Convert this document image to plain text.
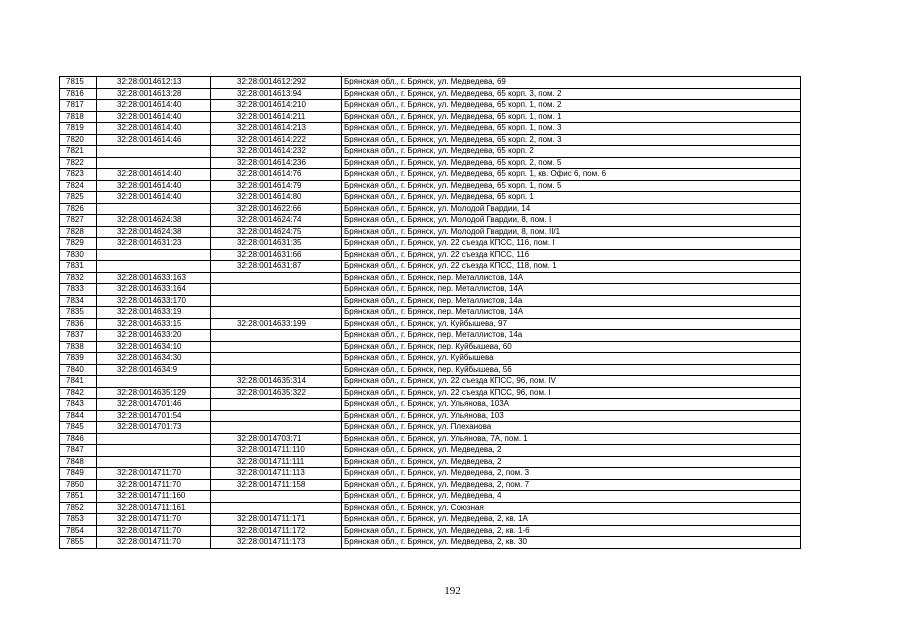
7815	32:28:0014612:13	32:28:0014612:292	Брянская обл., г. Брянск, ул. Медведева, 69
7816	32:28:0014613:28	32:28:0014613:94	Брянская обл., г. Брянск, ул. Медведева, 65 корп. 3, пом. 2
7817	32:28:0014614:40	32:28:0014614:210	Брянская обл., г. Брянск, ул. Медведева, 65 корп. 1, пом. 2
7818	32:28:0014614:40	32:28:0014614:211	Брянская обл., г. Брянск, ул. Медведева, 65 корп. 1, пом. 1
7819	32:28:0014614:40	32:28:0014614:213	Брянская обл., г. Брянск, ул. Медведева, 65 корп. 1, пом. 3
7820	32:28:0014614:46	32:28:0014614:222	Брянская обл., г. Брянск, ул. Медведева, 65 корп. 2, пом. 3
7821		32:28:0014614:232	Брянская обл., г. Брянск, ул. Медведева, 65 корп. 2
7822		32:28:0014614:236	Брянская обл., г. Брянск, ул. Медведева, 65 корп. 2, пом. 5
7823	32:28:0014614:40	32:28:0014614:76	Брянская обл., г. Брянск, ул. Медведева, 65 корп. 1, кв. Офис 6, пом. 6
7824	32:28:0014614:40	32:28:0014614:79	Брянская обл., г. Брянск, ул. Медведева, 65 корп. 1, пом. 5
7825	32:28:0014614:40	32:28:0014614:80	Брянская обл., г. Брянск, ул. Медведева, 65 корп. 1
7826		32:28:0014622:66	Брянская обл., г. Брянск, ул. Молодой Гвардии, 14
7827	32:28:0014624:38	32:28:0014624:74	Брянская обл., г. Брянск, ул. Молодой Гвардии, 8, пом. I
7828	32:28:0014624:38	32:28:0014624:75	Брянская обл., г. Брянск, ул. Молодой Гвардии, 8, пом. II/1
7829	32:28:0014631:23	32:28:0014631:35	Брянская обл., г. Брянск, ул. 22 съезда КПСС, 116, пом. I
7830		32:28:0014631:66	Брянская обл., г. Брянск, ул. 22 съезда КПСС, 116
7831		32:28:0014631:87	Брянская обл., г. Брянск, ул. 22 съезда КПСС, 118, пом. 1
7832	32:28:0014633:163		Брянская обл., г. Брянск, пер. Металлистов, 14А
7833	32:28:0014633:164		Брянская обл., г. Брянск, пер. Металлистов, 14А
7834	32:28:0014633:170		Брянская обл., г. Брянск, пер. Металлистов, 14а
7835	32:28:0014633:19		Брянская обл., г. Брянск, пер. Металлистов, 14А
7836	32:28:0014633:15	32:28:0014633:199	Брянская обл., г. Брянск, ул. Куйбышева, 97
7837	32:28:0014633:20		Брянская обл., г. Брянск, пер. Металлистов, 14а
7838	32:28:0014634:10		Брянская обл., г. Брянск, пер. Куйбышева, 60
7839	32:28:0014634:30		Брянская обл., г. Брянск, ул. Куйбышева
7840	32:28:0014634:9		Брянская обл., г. Брянск, пер. Куйбышева, 56
7841		32:28:0014635:314	Брянская обл., г. Брянск, ул. 22 съезда КПСС, 96, пом. IV
7842	32:28:0014635:129	32:28:0014635:322	Брянская обл., г. Брянск, ул. 22 съезда КПСС, 96, пом. I
7843	32:28:0014701:46		Брянская обл., г. Брянск, ул. Ульянова, 103А
7844	32:28:0014701:54		Брянская обл., г. Брянск, ул. Ульянова, 103
7845	32:28:0014701:73		Брянская обл., г. Брянск, ул. Плеханова
7846		32:28:0014703:71	Брянская обл., г. Брянск, ул. Ульянова, 7А, пом. 1
7847		32:28:0014711:110	Брянская обл., г. Брянск, ул. Медведева, 2
7848		32:28:0014711:111	Брянская обл., г. Брянск, ул. Медведева, 2
7849	32:28:0014711:70	32:28:0014711:113	Брянская обл., г. Брянск, ул. Медведева, 2, пом. 3
7850	32:28:0014711:70	32:28:0014711:158	Брянская обл., г. Брянск, ул. Медведева, 2, пом. 7
7851	32:28:0014711:160		Брянская обл., г. Брянск, ул. Медведева, 4
7852	32:28:0014711:161		Брянская обл., г. Брянск, ул. Союзная
7853	32:28:0014711:70	32:28:0014711:171	Брянская обл., г. Брянск, ул. Медведева, 2, кв. 1А
7854	32:28:0014711:70	32:28:0014711:172	Брянская обл., г. Брянск, ул. Медведева, 2, кв. 1-6
7855	32:28:0014711:70	32:28:0014711:173	Брянская обл., г. Брянск, ул. Медведева, 2, кв. 30
192
